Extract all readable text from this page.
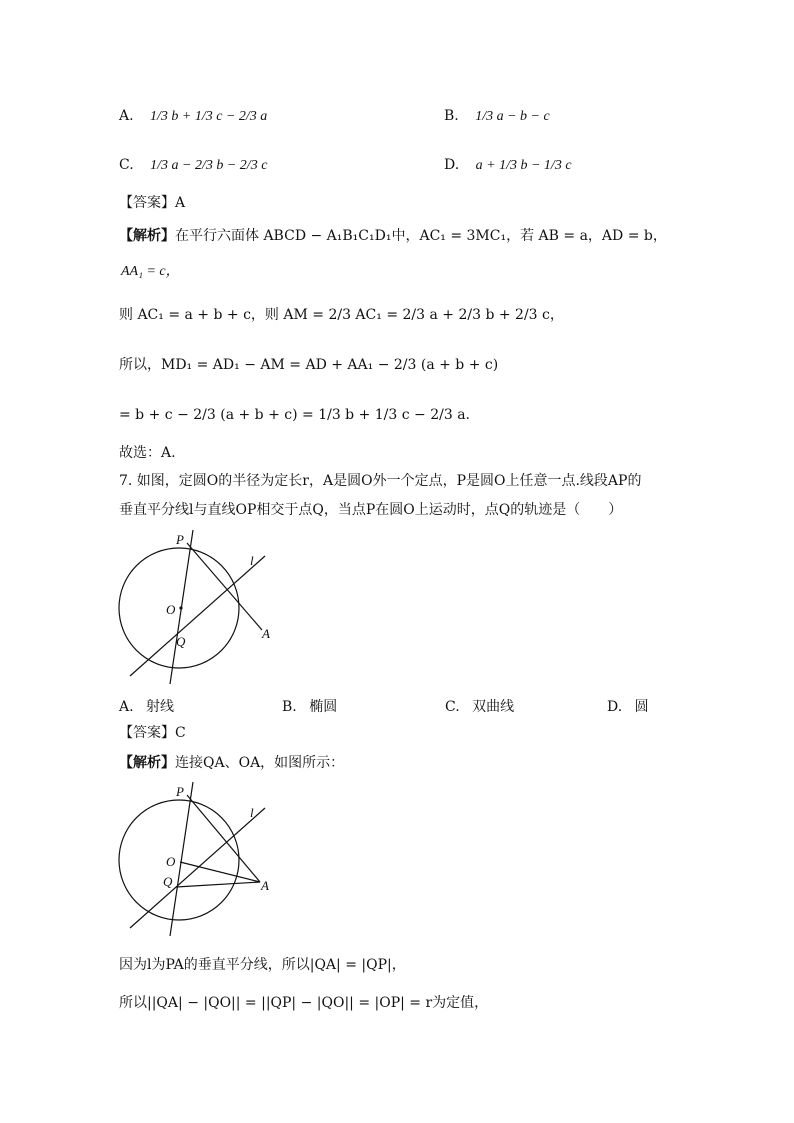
A. 1/3 b + 1/3 c − 2/3 a	B. 1/3 a − b − c
C. 1/3 a − 2/3 b − 2/3 c	D. a + 1/3 b − 1/3 c
【答案】A
【解析】在平行六面体 ABCD − A₁B₁C₁D₁中，AC₁ = 3MC₁，若 AB = a，AD = b，
AA₁ = c，
则 AC₁ = a + b + c，则 AM = 2/3 AC₁ = 2/3 a + 2/3 b + 2/3 c，
所以，MD₁ = AD₁ − AM = AD + AA₁ − 2/3 (a + b + c)
= b + c − 2/3 (a + b + c) = 1/3 b + 1/3 c − 2/3 a.
故选：A.
7. 如图，定圆O的半径为定长r，A是圆O外一个定点，P是圆O上任意一点.线段AP的
垂直平分线l与直线OP相交于点Q，当点P在圆O上运动时，点Q的轨迹是（　　）
P
l
O
Q
A
A. 射线	B. 椭圆	C. 双曲线	D. 圆
【答案】C
【解析】连接QA、OA，如图所示：
P
l
O
Q	A
因为l为PA的垂直平分线，所以|QA| = |QP|，
所以||QA| − |QO|| = ||QP| − |QO|| = |OP| = r为定值，
